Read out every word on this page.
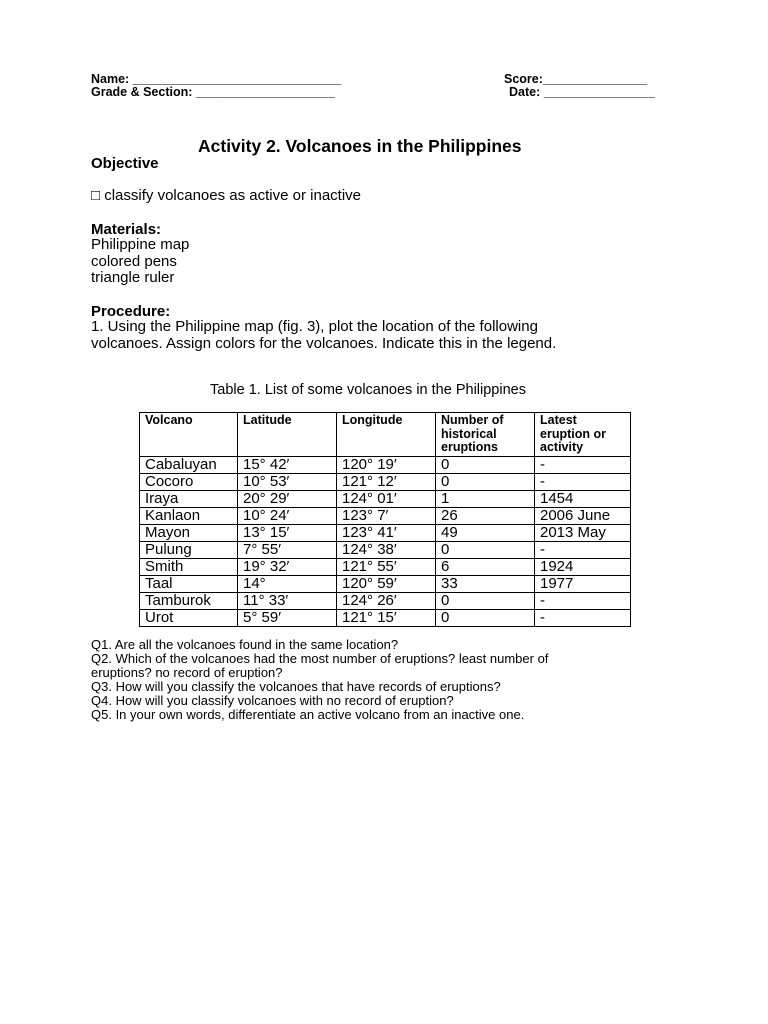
Name: ______________________________
Grade & Section: ____________________
Score:_______________
Date: ________________
Activity 2. Volcanoes in the Philippines
Objective
□ classify volcanoes as active or inactive
Materials:
Philippine map
colored pens
triangle ruler
Procedure:
1. Using the Philippine map (fig. 3), plot the location of the following
volcanoes. Assign colors for the volcanoes. Indicate this in the legend.
Table 1. List of some volcanoes in the Philippines
Volcano	Latitude	Longitude	Number of historical eruptions	Latest eruption or activity
Cabaluyan	15° 42′	120° 19′	0	-
Cocoro	10° 53′	121° 12′	0	-
Iraya	20° 29′	124° 01′	1	1454
Kanlaon	10° 24′	123° 7′	26	2006 June
Mayon	13° 15′	123° 41′	49	2013 May
Pulung	7° 55′	124° 38′	0	-
Smith	19° 32′	121° 55′	6	1924
Taal	14°	120° 59′	33	1977
Tamburok	11° 33′	124° 26′	0	-
Urot	5° 59′	121° 15′	0	-
Q1. Are all the volcanoes found in the same location?
Q2. Which of the volcanoes had the most number of eruptions? least number of
eruptions? no record of eruption?
Q3. How will you classify the volcanoes that have records of eruptions?
Q4. How will you classify volcanoes with no record of eruption?
Q5. In your own words, differentiate an active volcano from an inactive one.
